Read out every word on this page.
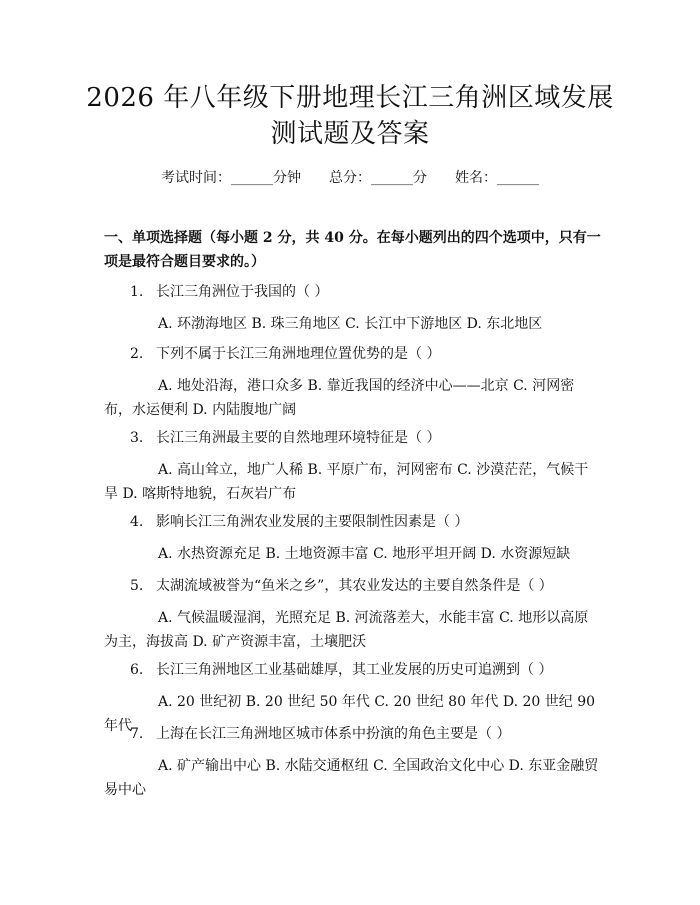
2026 年八年级下册地理长江三角洲区域发展
测试题及答案
考试时间：______分钟 总分：______分 姓名：______
一、单项选择题（每小题 2 分，共 40 分。在每小题列出的四个选项中，只有一项是最符合题目要求的。）
1. 长江三角洲位于我国的（ ）
A. 环渤海地区 B. 珠三角地区 C. 长江中下游地区 D. 东北地区
2. 下列不属于长江三角洲地理位置优势的是（ ）
A. 地处沿海，港口众多 B. 靠近我国的经济中心——北京 C. 河网密布，水运便利 D. 内陆腹地广阔
3. 长江三角洲最主要的自然地理环境特征是（ ）
A. 高山耸立，地广人稀 B. 平原广布，河网密布 C. 沙漠茫茫，气候干旱 D. 喀斯特地貌，石灰岩广布
4. 影响长江三角洲农业发展的主要限制性因素是（ ）
A. 水热资源充足 B. 土地资源丰富 C. 地形平坦开阔 D. 水资源短缺
5. 太湖流域被誉为“鱼米之乡”，其农业发达的主要自然条件是（ ）
A. 气候温暖湿润，光照充足 B. 河流落差大，水能丰富 C. 地形以高原为主，海拔高 D. 矿产资源丰富，土壤肥沃
6. 长江三角洲地区工业基础雄厚，其工业发展的历史可追溯到（ ）
A. 20 世纪初 B. 20 世纪 50 年代 C. 20 世纪 80 年代 D. 20 世纪 90 年代
7. 上海在长江三角洲地区城市体系中扮演的角色主要是（ ）
A. 矿产输出中心 B. 水陆交通枢纽 C. 全国政治文化中心 D. 东亚金融贸易中心
